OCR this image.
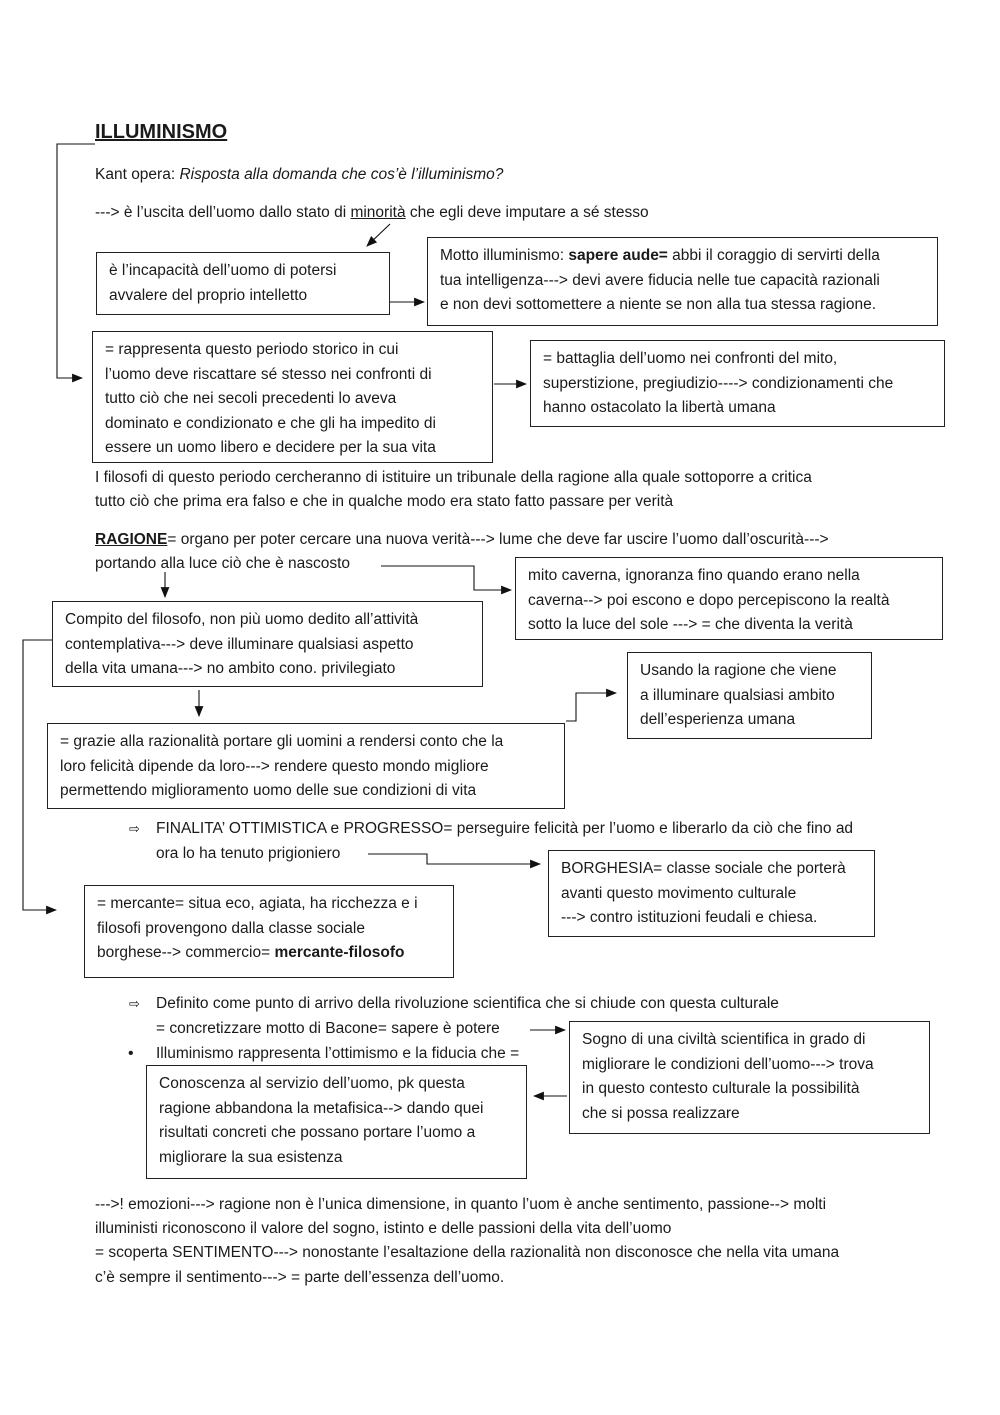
ILLUMINISMO

Kant opera: Risposta alla domanda che cos’è l’illuminismo?

---> è l’uscita dell’uomo dallo stato di minorità che egli deve imputare a sé stesso

è l’incapacità dell’uomo di potersi

avvalere del proprio intelletto

Motto illuminismo: sapere aude= abbi il coraggio di servirti della

tua intelligenza---> devi avere fiducia nelle tue capacità razionali

e non devi sottomettere a niente se non alla tua stessa ragione.

= rappresenta questo periodo storico in cui

l’uomo deve riscattare sé stesso nei confronti di

tutto ciò che nei secoli precedenti lo aveva

dominato e condizionato e che gli ha impedito di

essere un uomo libero e decidere per la sua vita

= battaglia dell’uomo nei confronti del mito,

superstizione, pregiudizio----> condizionamenti che

hanno ostacolato la libertà umana

I filosofi di questo periodo cercheranno di istituire un tribunale della ragione alla quale sottoporre a critica

tutto ciò che prima era falso e che in qualche modo era stato fatto passare per verità

RAGIONE= organo per poter cercare una nuova verità---> lume che deve far uscire l’uomo dall’oscurità--->

portando alla luce ciò che è nascosto

mito caverna, ignoranza fino quando erano nella

caverna--> poi escono e dopo percepiscono la realtà

sotto la luce del sole ---> = che diventa la verità

Compito del filosofo, non più uomo dedito all’attività

contemplativa---> deve illuminare qualsiasi aspetto

della vita umana---> no ambito cono. privilegiato	Usando la ragione che viene

a illuminare qualsiasi ambito

dell’esperienza umana

= grazie alla razionalità portare gli uomini a rendersi conto che la

loro felicità dipende da loro---> rendere questo mondo migliore

permettendo miglioramento uomo delle sue condizioni di vita

⇨ FINALITA’ OTTIMISTICA e PROGRESSO= perseguire felicità per l’uomo e liberarlo da ciò che fino ad

ora lo ha tenuto prigioniero

BORGHESIA= classe sociale che porterà

avanti questo movimento culturale

---> contro istituzioni feudali e chiesa.

= mercante= situa eco, agiata, ha ricchezza e i

filosofi provengono dalla classe sociale

borghese--> commercio= mercante-filosofo

⇨ Definito come punto di arrivo della rivoluzione scientifica che si chiude con questa culturale

= concretizzare motto di Bacone= sapere è potere

• Illuminismo rappresenta l’ottimismo e la fiducia che =

Sogno di una civiltà scientifica in grado di

migliorare le condizioni dell’uomo---> trova

in questo contesto culturale la possibilità

che si possa realizzare

Conoscenza al servizio dell’uomo, pk questa

ragione abbandona la metafisica--> dando quei

risultati concreti che possano portare l’uomo a

migliorare la sua esistenza

--->! emozioni---> ragione non è l’unica dimensione, in quanto l’uom è anche sentimento, passione--> molti

illuministi riconoscono il valore del sogno, istinto e delle passioni della vita dell’uomo

= scoperta SENTIMENTO---> nonostante l’esaltazione della razionalità non disconosce che nella vita umana

c’è sempre il sentimento---> = parte dell’essenza dell’uomo.
